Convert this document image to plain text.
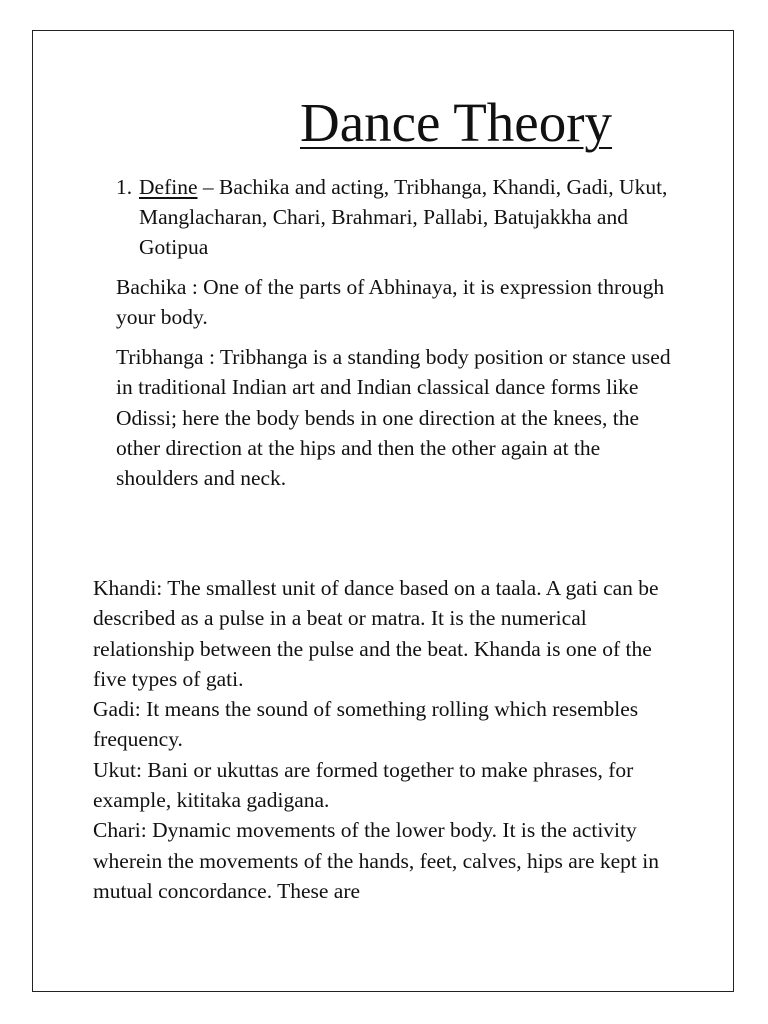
Dance Theory
1. Define – Bachika and acting, Tribhanga, Khandi, Gadi, Ukut, Manglacharan, Chari, Brahmari, Pallabi, Batujakkha and Gotipua

Bachika : One of the parts of Abhinaya, it is expression through your body.

Tribhanga : Tribhanga is a standing body position or stance used in traditional Indian art and Indian classical dance forms like Odissi; here the body bends in one direction at the knees, the other direction at the hips and then the other again at the shoulders and neck.

Khandi: The smallest unit of dance based on a taala. A gati can be described as a pulse in a beat or matra. It is the numerical relationship between the pulse and the beat. Khanda is one of the five types of gati.

Gadi: It means the sound of something rolling which resembles frequency.

Ukut: Bani or ukuttas are formed together to make phrases, for example, kititaka gadigana.

Chari: Dynamic movements of the lower body. It is the activity wherein the movements of the hands, feet, calves, hips are kept in mutual concordance. These are
